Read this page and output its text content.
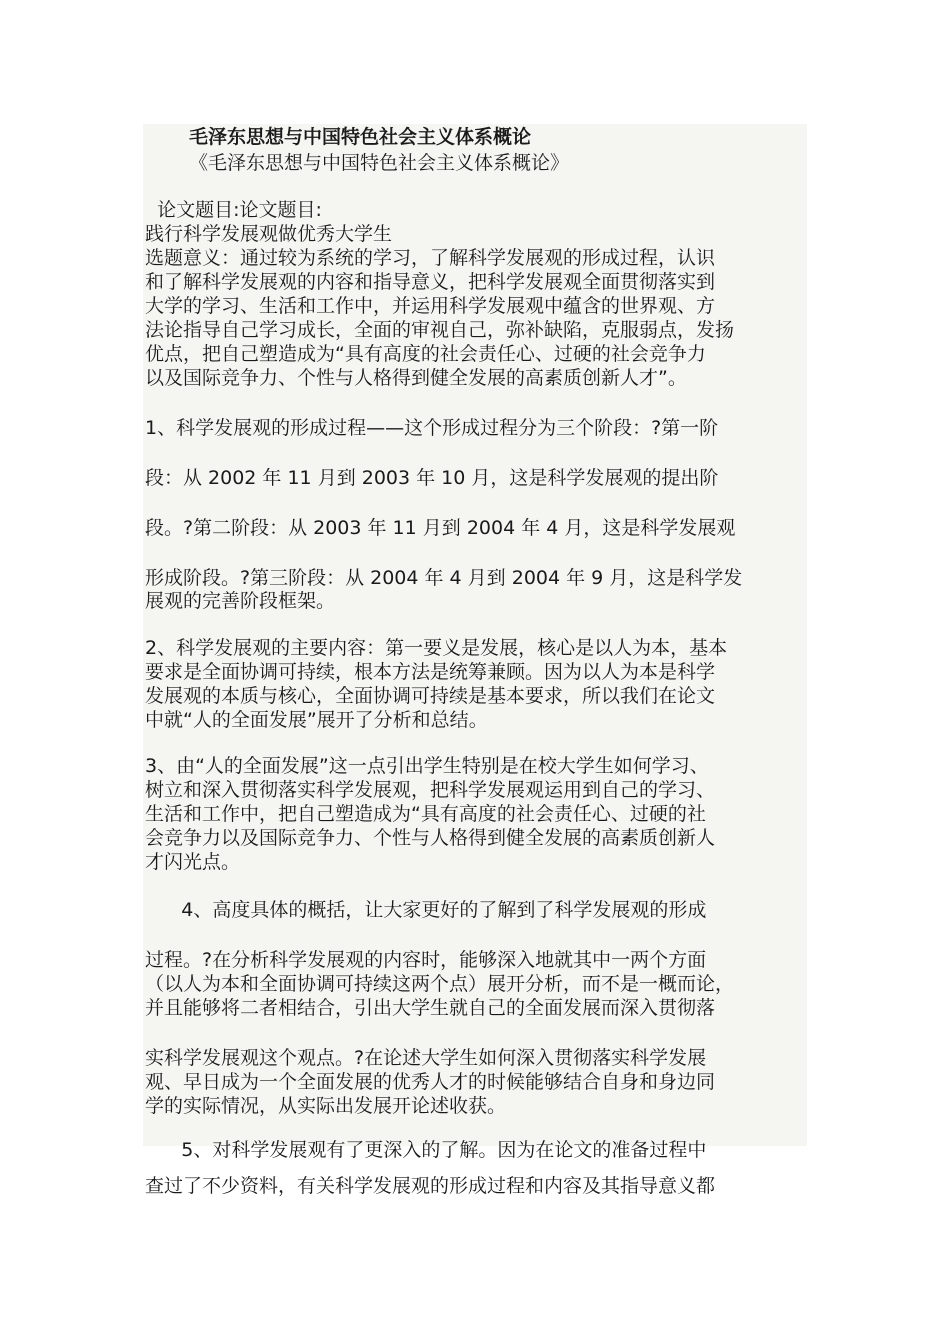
毛泽东思想与中国特色社会主义体系概论

《毛泽东思想与中国特色社会主义体系概论》

论文题目:论文题目:

践行科学发展观做优秀大学生

选题意义：通过较为系统的学习，了解科学发展观的形成过程，认识

和了解科学发展观的内容和指导意义，把科学发展观全面贯彻落实到

大学的学习、生活和工作中，并运用科学发展观中蕴含的世界观、方

法论指导自己学习成长，全面的审视自己，弥补缺陷，克服弱点，发扬

优点，把自己塑造成为“具有高度的社会责任心、过硬的社会竞争力

以及国际竞争力、个性与人格得到健全发展的高素质创新人才”。

1、科学发展观的形成过程——这个形成过程分为三个阶段：?第一阶

段：从 2002 年 11 月到 2003 年 10 月，这是科学发展观的提出阶

段。?第二阶段：从 2003 年 11 月到 2004 年 4 月，这是科学发展观

形成阶段。?第三阶段：从 2004 年 4 月到 2004 年 9 月，这是科学发

展观的完善阶段框架。

2、科学发展观的主要内容：第一要义是发展，核心是以人为本，基本

要求是全面协调可持续，根本方法是统筹兼顾。因为以人为本是科学

发展观的本质与核心，全面协调可持续是基本要求，所以我们在论文

中就“人的全面发展”展开了分析和总结。

3、由“人的全面发展”这一点引出学生特别是在校大学生如何学习、

树立和深入贯彻落实科学发展观，把科学发展观运用到自己的学习、

生活和工作中，把自己塑造成为“具有高度的社会责任心、过硬的社

会竞争力以及国际竞争力、个性与人格得到健全发展的高素质创新人

才闪光点。

4、高度具体的概括，让大家更好的了解到了科学发展观的形成

过程。?在分析科学发展观的内容时，能够深入地就其中一两个方面

（以人为本和全面协调可持续这两个点）展开分析，而不是一概而论，

并且能够将二者相结合，引出大学生就自己的全面发展而深入贯彻落

实科学发展观这个观点。?在论述大学生如何深入贯彻落实科学发展

观、早日成为一个全面发展的优秀人才的时候能够结合自身和身边同

学的实际情况，从实际出发展开论述收获。

5、对科学发展观有了更深入的了解。因为在论文的准备过程中

查过了不少资料，有关科学发展观的形成过程和内容及其指导意义都
